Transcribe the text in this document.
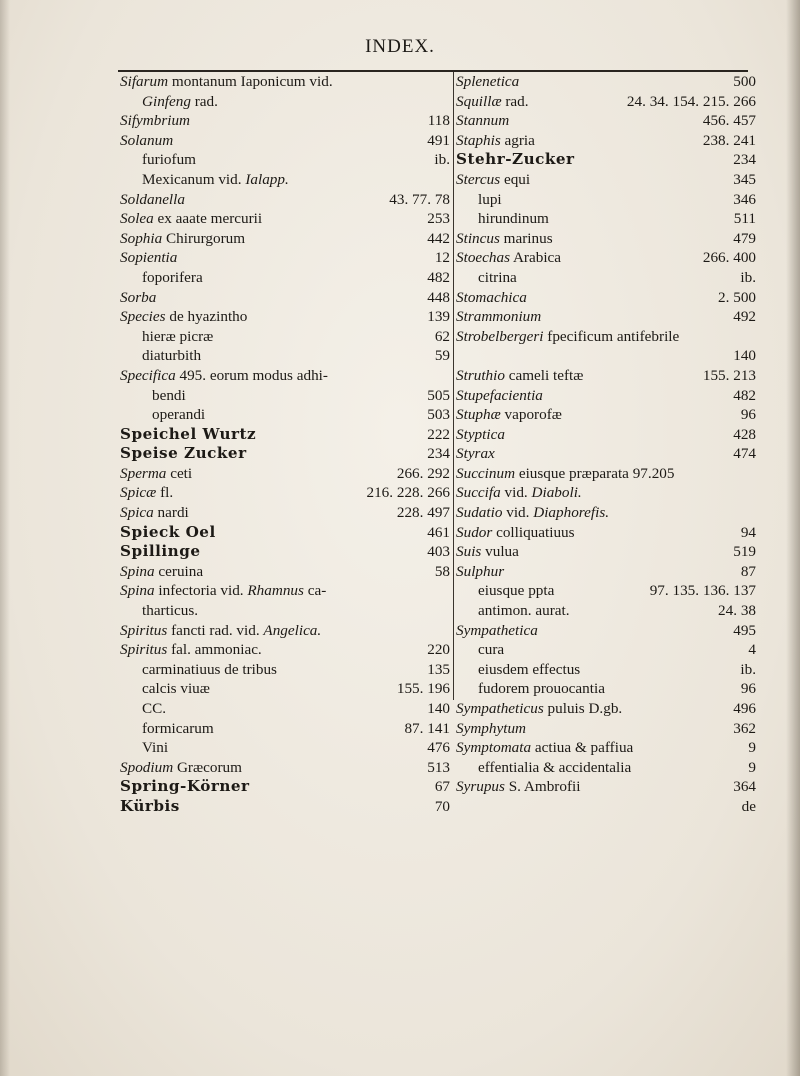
INDEX.
Sifarum montanum Iaponicum vid.
Ginfeng rad.
Sifymbrium	118
Solanum	491
furiofum	ib.
Mexicanum vid. Ialapp.
Soldanella	43. 77. 78
Solea ex aaate mercurii	253
Sophia Chirurgorum	442
Sopientia	12
foporifera	482
Sorba	448
Species de hyazintho	139
hieræ picræ	62
diaturbith	59
Specifica 495. eorum modus adhi-
bendi	505
operandi	503
Speichel Wurtz	222
Speise Zucker	234
Sperma ceti	266. 292
Spicæ fl.	216. 228. 266
Spica nardi	228. 497
Spieck Oel	461
Spillinge	403
Spina ceruina	58
Spina infectoria vid. Rhamnus ca-
tharticus.
Spiritus fancti rad. vid. Angelica.
Spiritus fal. ammoniac.	220
carminatiuus de tribus	135
calcis viuæ	155. 196
CC.	140
formicarum	87. 141
Vini	476
Spodium Græcorum	513
Spring-Körner	67
Kürbis	70
Splenetica	500
Squillæ rad.	24. 34. 154. 215. 266
Stannum	456. 457
Staphis agria	238. 241
Stehr-Zucker	234
Stercus equi	345
lupi	346
hirundinum	511
Stincus marinus	479
Stoechas Arabica	266. 400
citrina	ib.
Stomachica	2. 500
Strammonium	492
Strobelbergeri fpecificum antifebrile
140
Struthio cameli teftæ	155. 213
Stupefacientia	482
Stuphæ vaporofæ	96
Styptica	428
Styrax	474
Succinum eiusque præparata 97.205
Succifa vid. Diaboli.
Sudatio vid. Diaphorefis.
Sudor colliquatiuus	94
Suis vulua	519
Sulphur	87
eiusque ppta	97. 135. 136. 137
antimon. aurat.	24. 38
Sympathetica	495
cura	4
eiusdem effectus	ib.
fudorem prouocantia	96
Sympatheticus puluis D.gb.	496
Symphytum	362
Symptomata actiua & paffiua	9
effentialia & accidentalia	9
Syrupus S. Ambrofii	364
de
